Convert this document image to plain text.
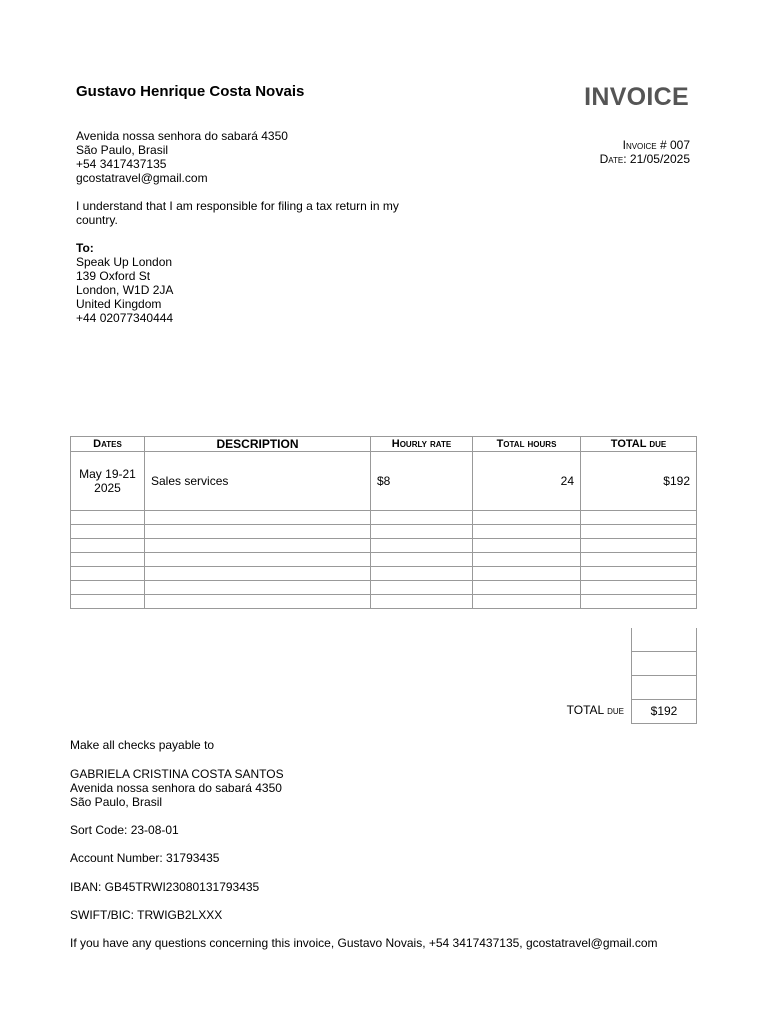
Gustavo Henrique Costa Novais	INVOICE
Avenida nossa senhora do sabará 4350
São Paulo, Brasil
+54 3417437135
gcostatravel@gmail.com
Invoice # 007
Date: 21/05/2025
I understand that I am responsible for filing a tax return in my country.
To:
Speak Up London
139 Oxford St
London, W1D 2JA
United Kingdom
+44 02077340444
Dates	DESCRIPTION	Hourly rate	Total hours	TOTAL due

May 19-21
2025	Sales services	$8	24	$192

$192
TOTAL due
Make all checks payable to
GABRIELA CRISTINA COSTA SANTOS
Avenida nossa senhora do sabará 4350
São Paulo, Brasil
Sort Code: 23-08-01
Account Number: 31793435
IBAN: GB45TRWI23080131793435
SWIFT/BIC: TRWIGB2LXXX
If you have any questions concerning this invoice, Gustavo Novais, +54 3417437135, gcostatravel@gmail.com
